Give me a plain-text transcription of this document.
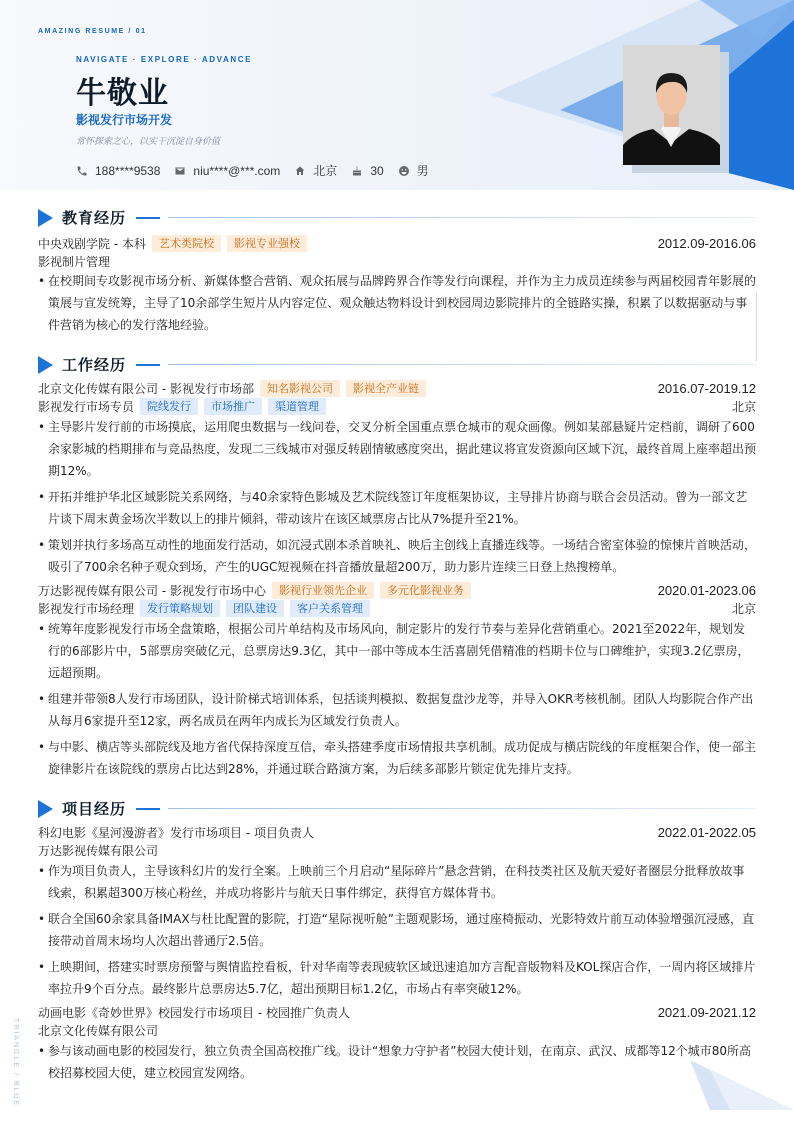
AMAZING RESUME / 01
NAVIGATE · EXPLORE · ADVANCE
牛敬业
影视发行市场开发
常怀探索之心，以实干沉淀自身价值
188****9538	niu****@***.com	北京	30	男
教育经历
中央戏剧学院 - 本科	艺术类院校	影视专业强校	2012.09-2016.06
影视制片管理
• 在校期间专攻影视市场分析、新媒体整合营销、观众拓展与品牌跨界合作等发行向课程，并作为主力成员连续参与两届校园青年影展的策展与宣发统筹，主导了10余部学生短片从内容定位、观众触达物料设计到校园周边影院排片的全链路实操，积累了以数据驱动与事件营销为核心的发行落地经验。
工作经历
北京文化传媒有限公司 - 影视发行市场部	知名影视公司	影视全产业链	2016.07-2019.12
影视发行市场专员	院线发行	市场推广	渠道管理	北京
• 主导影片发行前的市场摸底，运用爬虫数据与一线问卷，交叉分析全国重点票仓城市的观众画像。例如某部悬疑片定档前，调研了600余家影城的档期排布与竞品热度，发现二三线城市对强反转剧情敏感度突出，据此建议将宣发资源向区域下沉，最终首周上座率超出预期12%。
• 开拓并维护华北区域影院关系网络，与40余家特色影城及艺术院线签订年度框架协议，主导排片协商与联合会员活动。曾为一部文艺片谈下周末黄金场次半数以上的排片倾斜，带动该片在该区域票房占比从7%提升至21%。
• 策划并执行多场高互动性的地面发行活动，如沉浸式剧本杀首映礼、映后主创线上直播连线等。一场结合密室体验的惊悚片首映活动，吸引了700余名种子观众到场，产生的UGC短视频在抖音播放量超200万，助力影片连续三日登上热搜榜单。
万达影视传媒有限公司 - 影视发行市场中心	影视行业领先企业	多元化影视业务	2020.01-2023.06
影视发行市场经理	发行策略规划	团队建设	客户关系管理	北京
• 统筹年度影视发行市场全盘策略，根据公司片单结构及市场风向，制定影片的发行节奏与差异化营销重心。2021至2022年，规划发行的6部影片中，5部票房突破亿元，总票房达9.3亿，其中一部中等成本生活喜剧凭借精准的档期卡位与口碑维护，实现3.2亿票房，远超预期。
• 组建并带领8人发行市场团队，设计阶梯式培训体系，包括谈判模拟、数据复盘沙龙等，并导入OKR考核机制。团队人均影院合作产出从每月6家提升至12家，两名成员在两年内成长为区域发行负责人。
• 与中影、横店等头部院线及地方省代保持深度互信，牵头搭建季度市场情报共享机制。成功促成与横店院线的年度框架合作，使一部主旋律影片在该院线的票房占比达到28%，并通过联合路演方案，为后续多部影片锁定优先排片支持。
项目经历
科幻电影《星河漫游者》发行市场项目 - 项目负责人	2022.01-2022.05
万达影视传媒有限公司
• 作为项目负责人，主导该科幻片的发行全案。上映前三个月启动“星际碎片”悬念营销，在科技类社区及航天爱好者圈层分批释放故事线索，积累超300万核心粉丝，并成功将影片与航天日事件绑定，获得官方媒体背书。
• 联合全国60余家具备IMAX与杜比配置的影院，打造“星际视听舱”主题观影场，通过座椅振动、光影特效片前互动体验增强沉浸感，直接带动首周末场均人次超出普通厅2.5倍。
• 上映期间，搭建实时票房预警与舆情监控看板，针对华南等表现疲软区域迅速追加方言配音版物料及KOL探店合作，一周内将区域排片率拉升9个百分点。最终影片总票房达5.7亿，超出预期目标1.2亿，市场占有率突破12%。
动画电影《奇妙世界》校园发行市场项目 - 校园推广负责人	2021.09-2021.12
北京文化传媒有限公司
• 参与该动画电影的校园发行，独立负责全国高校推广线。设计“想象力守护者”校园大使计划，在南京、武汉、成都等12个城市80所高校招募校园大使，建立校园宣发网络。
TRIANGLE / BLUE
